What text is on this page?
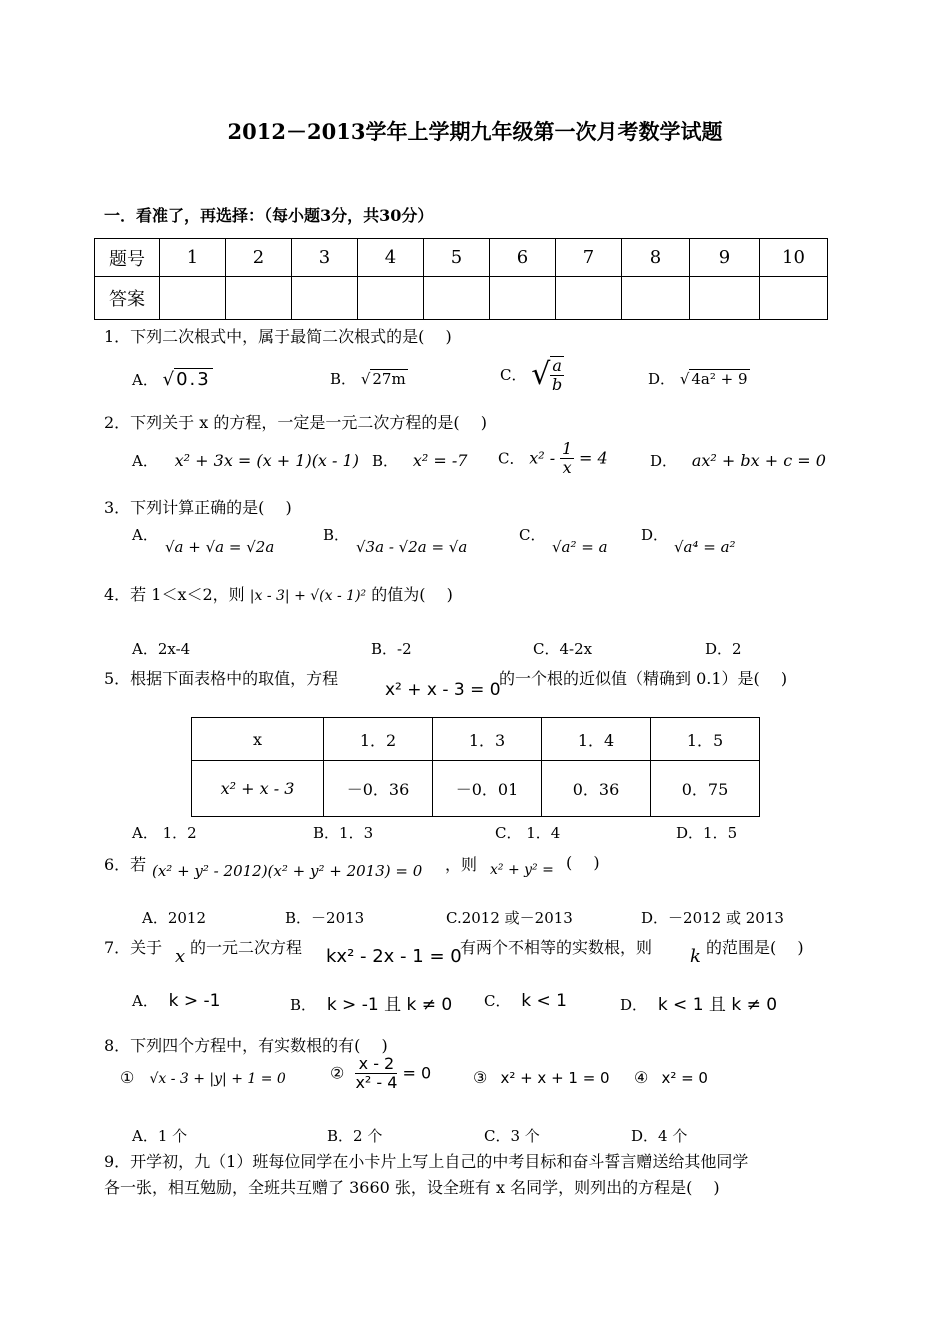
2012－2013学年上学期九年级第一次月考数学试题
一．看准了，再选择：（每小题3分，共30分）
题号	1	2	3	4	5	6	7	8	9	10
答案										
1．下列二次根式中，属于最简二次根式的是(　 )
A． √ 0.3	B． √ 27m	C． √ $\frac{a}{b}$	D． √ 4a² + 9
2．下列关于 x 的方程，一定是一元二次方程的是(　 )
A． x² + 3x = (x + 1)(x - 1) B． x² = -7 C． $x^2 - \frac{1}{x} = 4$	D． ax² + bx + c = 0
3．下列计算正确的是(　 )
A．
√a + √a = √2a
B．
√3a - √2a = √a
C．
√a² = a
D．
√a⁴ = a²
4．若 1＜x＜2，则 |x - 3| + √(x - 1)² 的值为(　 )
A．2x-4	B．-2	C．4-2x	D．2
5．根据下面表格中的取值，方程
x² + x - 3 = 0
的一个根的近似值（精确到 0.1）是(　 )
x	1．2	1．3	1．4	1．5
x² + x - 3	－0．36	－0．01	0．36	0．75
A． 1．2	B．1．3	C． 1．4	D．1．5
6．若 (x² + y² - 2012)(x² + y² + 2013) = 0 ，则 x² + y² = (　 )
A．2012	B．－2013	C.2012 或－2013	D．－2012 或 2013
7．关于 x 的一元二次方程 kx² - 2x - 1 = 0
有两个不相等的实数根，则 k 的范围是(　 )
A． k > -1	B． k > -1 且 k ≠ 0 C． k < 1	D． k < 1 且 k ≠ 0
8．下列四个方程中，有实数根的有(　 )
① √x - 3 + |y| + 1 = 0	② $\frac{x - 2}{\text{x² - 4}} = 0$	③ x² + x + 1 = 0 ④ x² = 0
A．1 个	B．2 个	C．3 个	D．4 个
9．开学初，九（1）班每位同学在小卡片上写上自己的中考目标和奋斗誓言赠送给其他同学
各一张，相互勉励，全班共互赠了 3660 张，设全班有 x 名同学，则列出的方程是(　 )
